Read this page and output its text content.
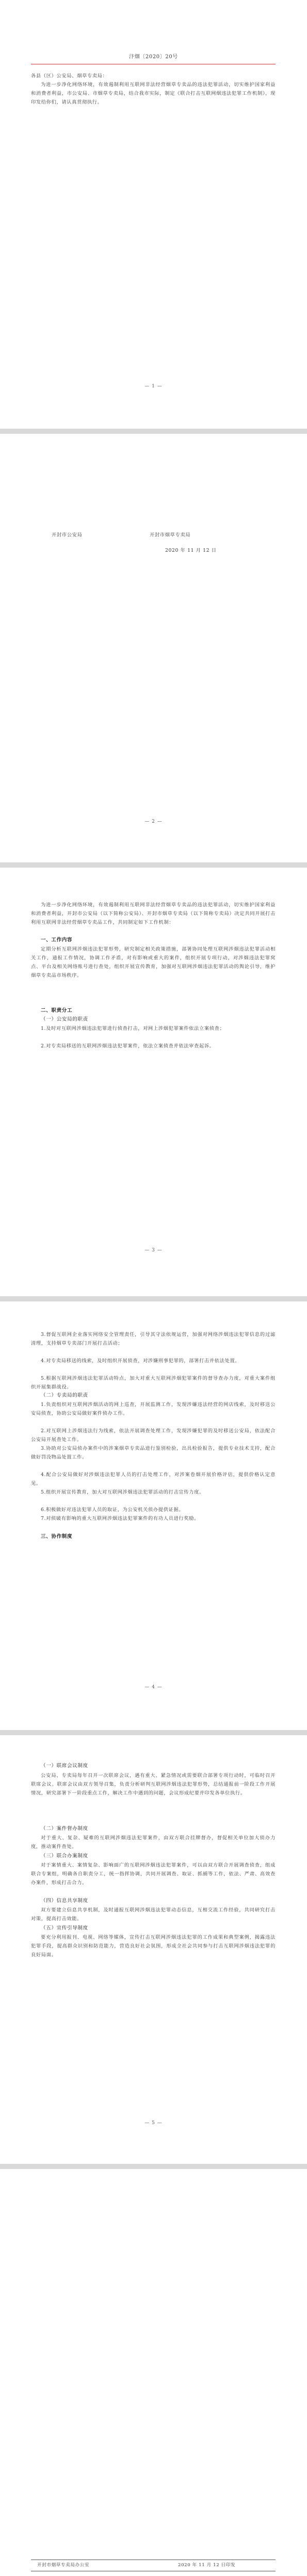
汴烟〔2020〕20号
各县（区）公安局、烟草专卖局：
为进一步净化网络环境，有效遏制利用互联网非法经营烟草专卖品的违法犯罪活动，切实维护国家利益和消费者利益，市公安局、市烟草专卖局，结合我市实际，制定《联合打击互联网烟违法犯罪工作机制》，现印发给你们，请认真贯彻执行。
— 1 —
开封市公安局	开封市烟草专卖局
2020 年 11 月 12 日
— 2 —
为进一步净化网络环境，有效遏制利用互联网非法经营烟草专卖品的违法犯罪活动，切实维护国家利益和消费者利益，开封市公安局（以下简称公安局）、开封市烟草专卖局（以下简称专卖局）决定共同开展打击利用互联网非法经营烟草专卖品工作，共同制定如下工作机制：
一、工作内容
定期分析互联网涉烟违法犯罪形势，研究制定相关政策措施，部署协同处理互联网涉烟违法犯罪活动相关工作，通报工作情况，协调工作矛盾，对有影响或重大的案件，组织开展专项行动，对涉烟违法犯罪窝点、平台及相关网络账号进行查处，组织开展宣传教育，加强对互联网涉烟违法犯罪活动的舆论引导，维护烟草专卖品市场秩序。
二、职责分工
（一）公安局的职责
1.及时对互联网涉烟违法犯罪进行侦查打击，对网上涉烟犯罪案件依法立案侦查；
2.对专卖局移送的互联网涉烟违法犯罪案件，依法立案侦查并依法审查起诉。
— 3 —
3.督促互联网企业落实网络安全管理责任，引导其守法依规运营，加强对网络涉烟违法犯罪信息的过滤清理，支持烟草专卖部门开展打击活动；
4.对专卖局移送的线索，及时组织开展侦查，对涉嫌刑事犯罪的，部署打击并依法处置。
5.根据互联网涉烟违法犯罪活动特点，加大对重大互联网涉烟犯罪案件的督导查办力度，对重大案件组织开展集群战役。
（二）专卖局的职责
1.负责组织对互联网涉烟活动的网上巡查，开展监测工作，发现涉嫌违法经营的网店线索，及时移送公安局侦查，协助公安局做好案件侦办工作。
2.对互联网上涉烟违法行为线索，依法开展调查处理工作，发现涉嫌犯罪的及时移送公安局，依法配合公安局开展查处工作。
3.协助对公安局侦办案件中的涉案烟草专卖品进行鉴别检验，出具检验报告，提供专业技术支持，配合做好罚没物品处置工作。
4.配合公安局做好对涉烟违法犯罪人员的打击处理工作，对涉案卷烟开展价格评估，提供价格认定意见。
5.组织开展宣传教育，加大对互联网涉烟违法犯罪活动的打击宣传力度。
6.积极做好对违法犯罪人员的取证，为公安机关侦办提供证据。
7.对侦破有影响的重大互联网涉烟违法犯罪案件的有功人员进行奖励。
三、协作制度
— 4 —
（一）联席会议制度
公安局、专卖局每年召开一次联席会议，遇有重大、紧急情况或需要联合部署专项行动时，可临时召开联席会议。联席会议由双方领导召集，负责分析研判互联网涉烟违法犯罪形势，总结通报前一阶段工作开展情况，研究部署下一阶段重点工作，解决工作中遇到的问题，会议形成纪要并印发各单位执行。
（二）案件督办制度
对于重大、复杂、疑难的互联网涉烟违法犯罪案件，由双方联合挂牌督办，督促相关单位加大侦办力度，推动案件查处。
（三）联合办案制度
对于案情重大、案情复杂、影响面广的互联网涉烟违法犯罪案件，可以由双方联合开展调查侦查，组成联合专案组，明确各自职责分工，统一指挥协调，共同开展调查、取证、抓捕等工作，依法、严肃、高效查办案件，形成打击合力。
（四）信息共享制度
双方要建立信息共享机制，及时通报互联网涉烟违法犯罪动态信息，互相交流工作经验，共同研究打击对策，提高打击效能。
（五）宣传引导制度
要充分利用报刊、电视、网络等媒体，宣传打击互联网涉烟违法犯罪的工作成果和典型案例，揭露违法犯罪手段，提高群众识别和防范能力，营造良好社会氛围，形成全社会共同参与打击互联网涉烟违法犯罪的良好局面。
— 5 —
开封市烟草专卖局办公室	2020 年 11 月 12 日印发
